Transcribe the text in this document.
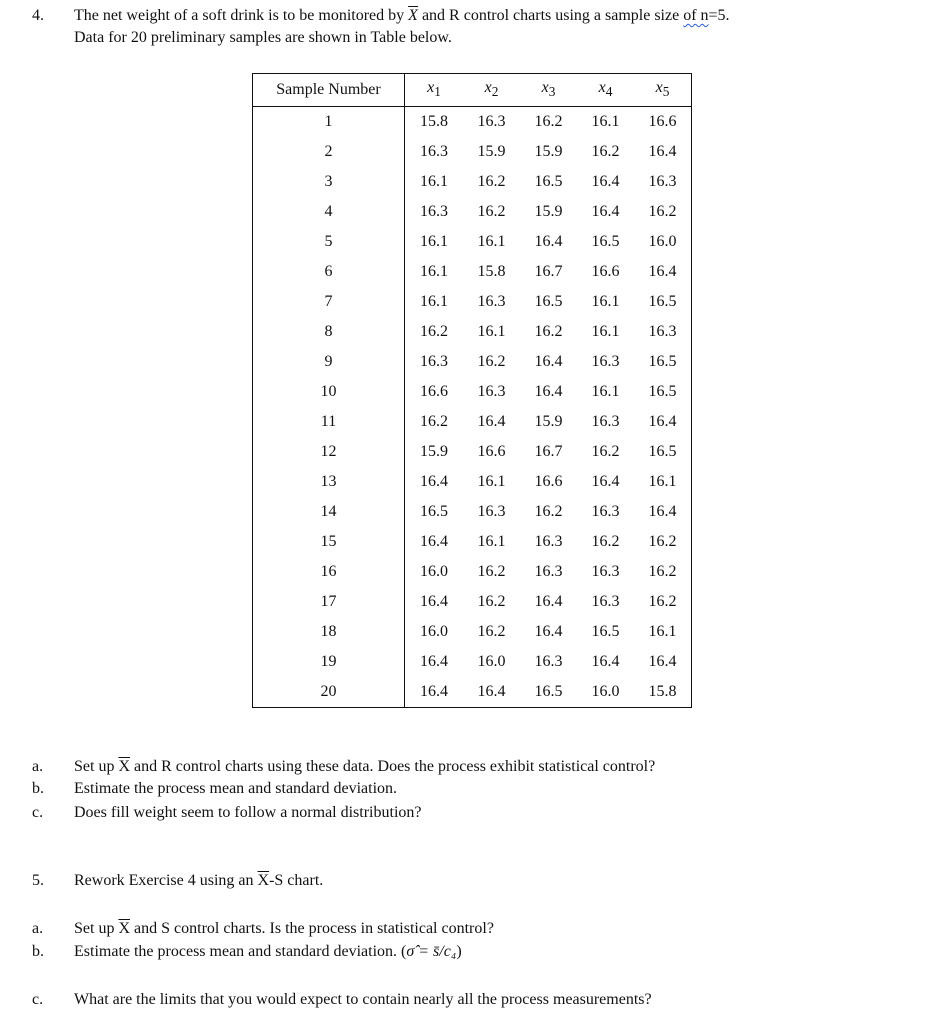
4. The net weight of a soft drink is to be monitored by $\overline{X}$ and R control charts using a sample size of n=5.
Data for 20 preliminary samples are shown in Table below.
Sample Number	$x_1$	$x_2$	$x_3$	$x_4$	$x_5$
1	15.8	16.3	16.2	16.1	16.6
2	16.3	15.9	15.9	16.2	16.4
3	16.1	16.2	16.5	16.4	16.3
4	16.3	16.2	15.9	16.4	16.2
5	16.1	16.1	16.4	16.5	16.0
6	16.1	15.8	16.7	16.6	16.4
7	16.1	16.3	16.5	16.1	16.5
8	16.2	16.1	16.2	16.1	16.3
9	16.3	16.2	16.4	16.3	16.5
10	16.6	16.3	16.4	16.1	16.5
11	16.2	16.4	15.9	16.3	16.4
12	15.9	16.6	16.7	16.2	16.5
13	16.4	16.1	16.6	16.4	16.1
14	16.5	16.3	16.2	16.3	16.4
15	16.4	16.1	16.3	16.2	16.2
16	16.0	16.2	16.3	16.3	16.2
17	16.4	16.2	16.4	16.3	16.2
18	16.0	16.2	16.4	16.5	16.1
19	16.4	16.0	16.3	16.4	16.4
20	16.4	16.4	16.5	16.0	15.8
a. Set up $\overline{X}$ and R control charts using these data. Does the process exhibit statistical control?
b. Estimate the process mean and standard deviation.
c. Does fill weight seem to follow a normal distribution?
5. Rework Exercise 4 using an $\overline{X}-S$ chart.
a. Set up $\overline{X}$ and S control charts. Is the process in statistical control?
b. Estimate the process mean and standard deviation. (σ̂ = s̄/c₄)
c. What are the limits that you would expect to contain nearly all the process measurements?
